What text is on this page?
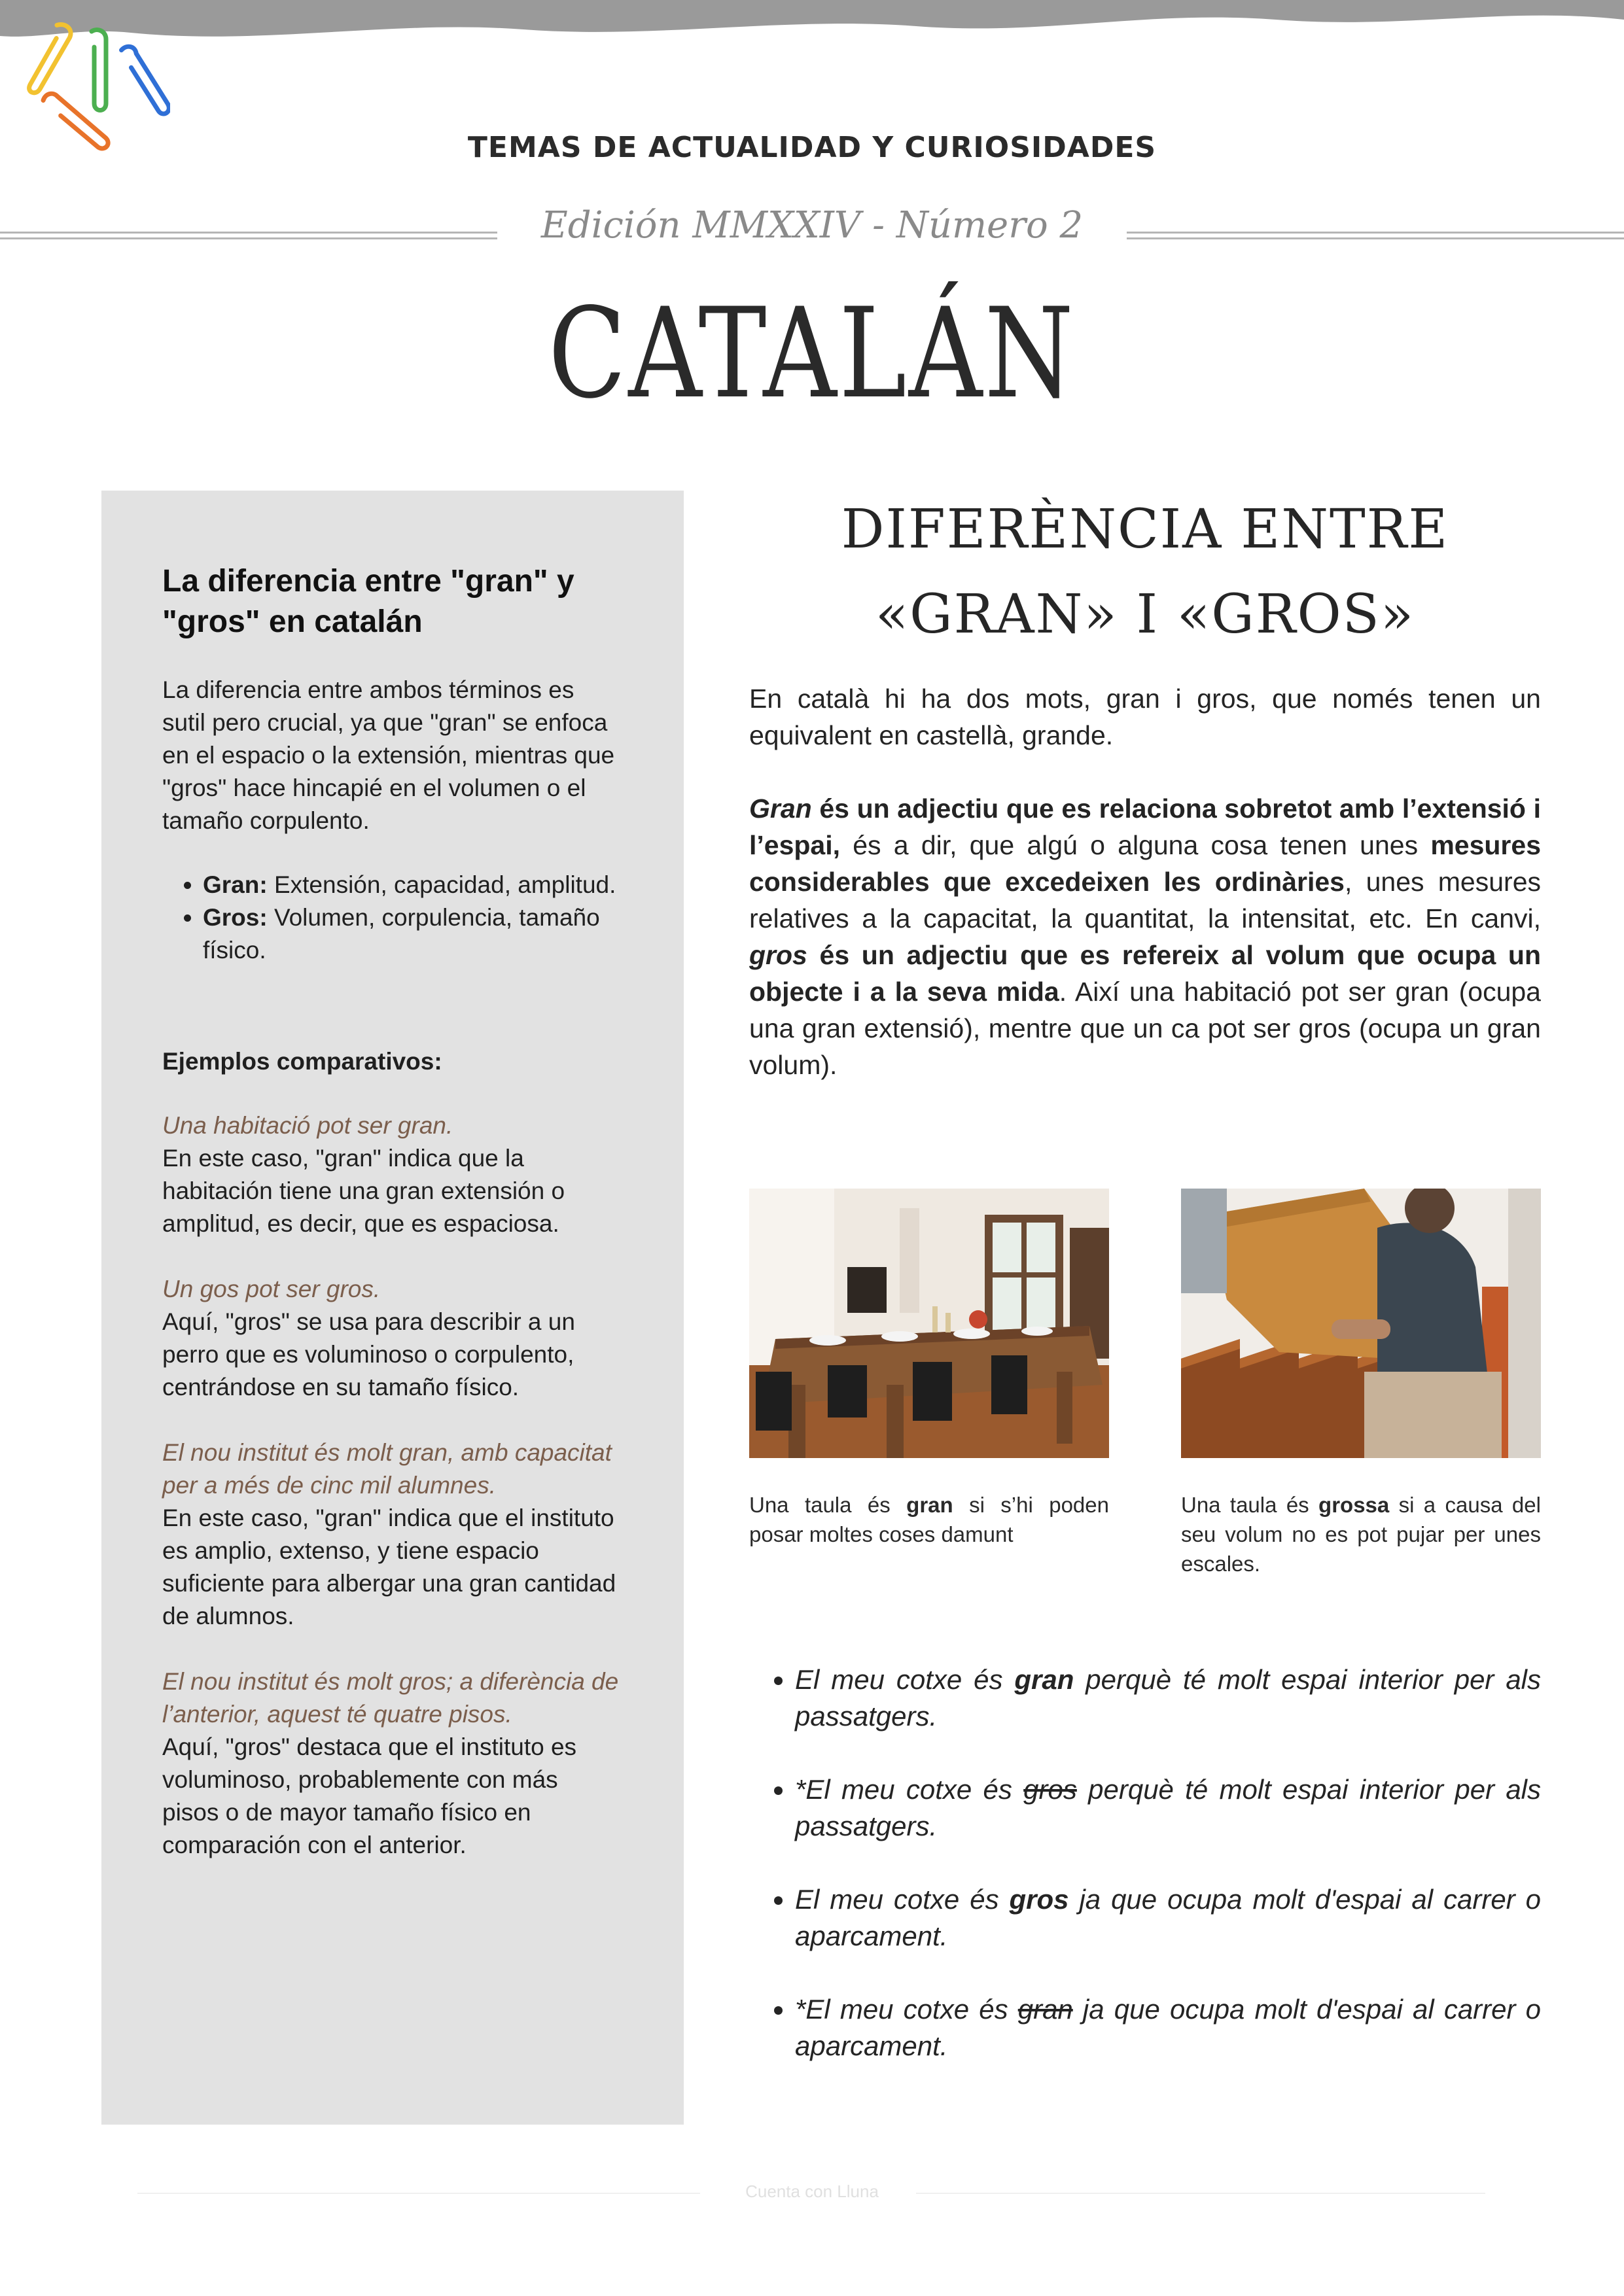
TEMAS DE ACTUALIDAD Y CURIOSIDADES
Edición MMXXIV - Número 2
CATALÁN
La diferencia entre "gran" y "gros" en catalán

La diferencia entre ambos términos es sutil pero crucial, ya que "gran" se enfoca en el espacio o la extensión, mientras que "gros" hace hincapié en el volumen o el tamaño corpulento.

• Gran: Extensión, capacidad, amplitud.
• Gros: Volumen, corpulencia, tamaño físico.

Ejemplos comparativos:

Una habitació pot ser gran.
En este caso, "gran" indica que la habitación tiene una gran extensión o amplitud, es decir, que es espaciosa.

Un gos pot ser gros.
Aquí, "gros" se usa para describir a un perro que es voluminoso o corpulento, centrándose en su tamaño físico.

El nou institut és molt gran, amb capacitat per a més de cinc mil alumnes.
En este caso, "gran" indica que el instituto es amplio, extenso, y tiene espacio suficiente para albergar una gran cantidad de alumnos.

El nou institut és molt gros; a diferència de l’anterior, aquest té quatre pisos.
Aquí, "gros" destaca que el instituto es voluminoso, probablemente con más pisos o de mayor tamaño físico en comparación con el anterior.

DIFERÈNCIA ENTRE
«GRAN» I «GROS»

En català hi ha dos mots, gran i gros, que només tenen un equivalent en castellà, grande.

Gran és un adjectiu que es relaciona sobretot amb l’extensió i l’espai, és a dir, que algú o alguna cosa tenen unes mesures considerables que excedeixen les ordinàries, unes mesures relatives a la capacitat, la quantitat, la intensitat, etc. En canvi, gros és un adjectiu que es refereix al volum que ocupa un objecte i a la seva mida. Així una habitació pot ser gran (ocupa una gran extensió), mentre que un ca pot ser gros (ocupa un gran volum).

Una taula és gran si s’hi poden posar moltes coses damunt
Una taula és grossa si a causa del seu volum no es pot pujar per unes escales.
• El meu cotxe és gran perquè té molt espai interior per als passatgers.
• *El meu cotxe és gros perquè té molt espai interior per als passatgers.
• El meu cotxe és gros ja que ocupa molt d'espai al carrer o aparcament.
• *El meu cotxe és gran ja que ocupa molt d'espai al carrer o aparcament.
Cuenta con Lluna
